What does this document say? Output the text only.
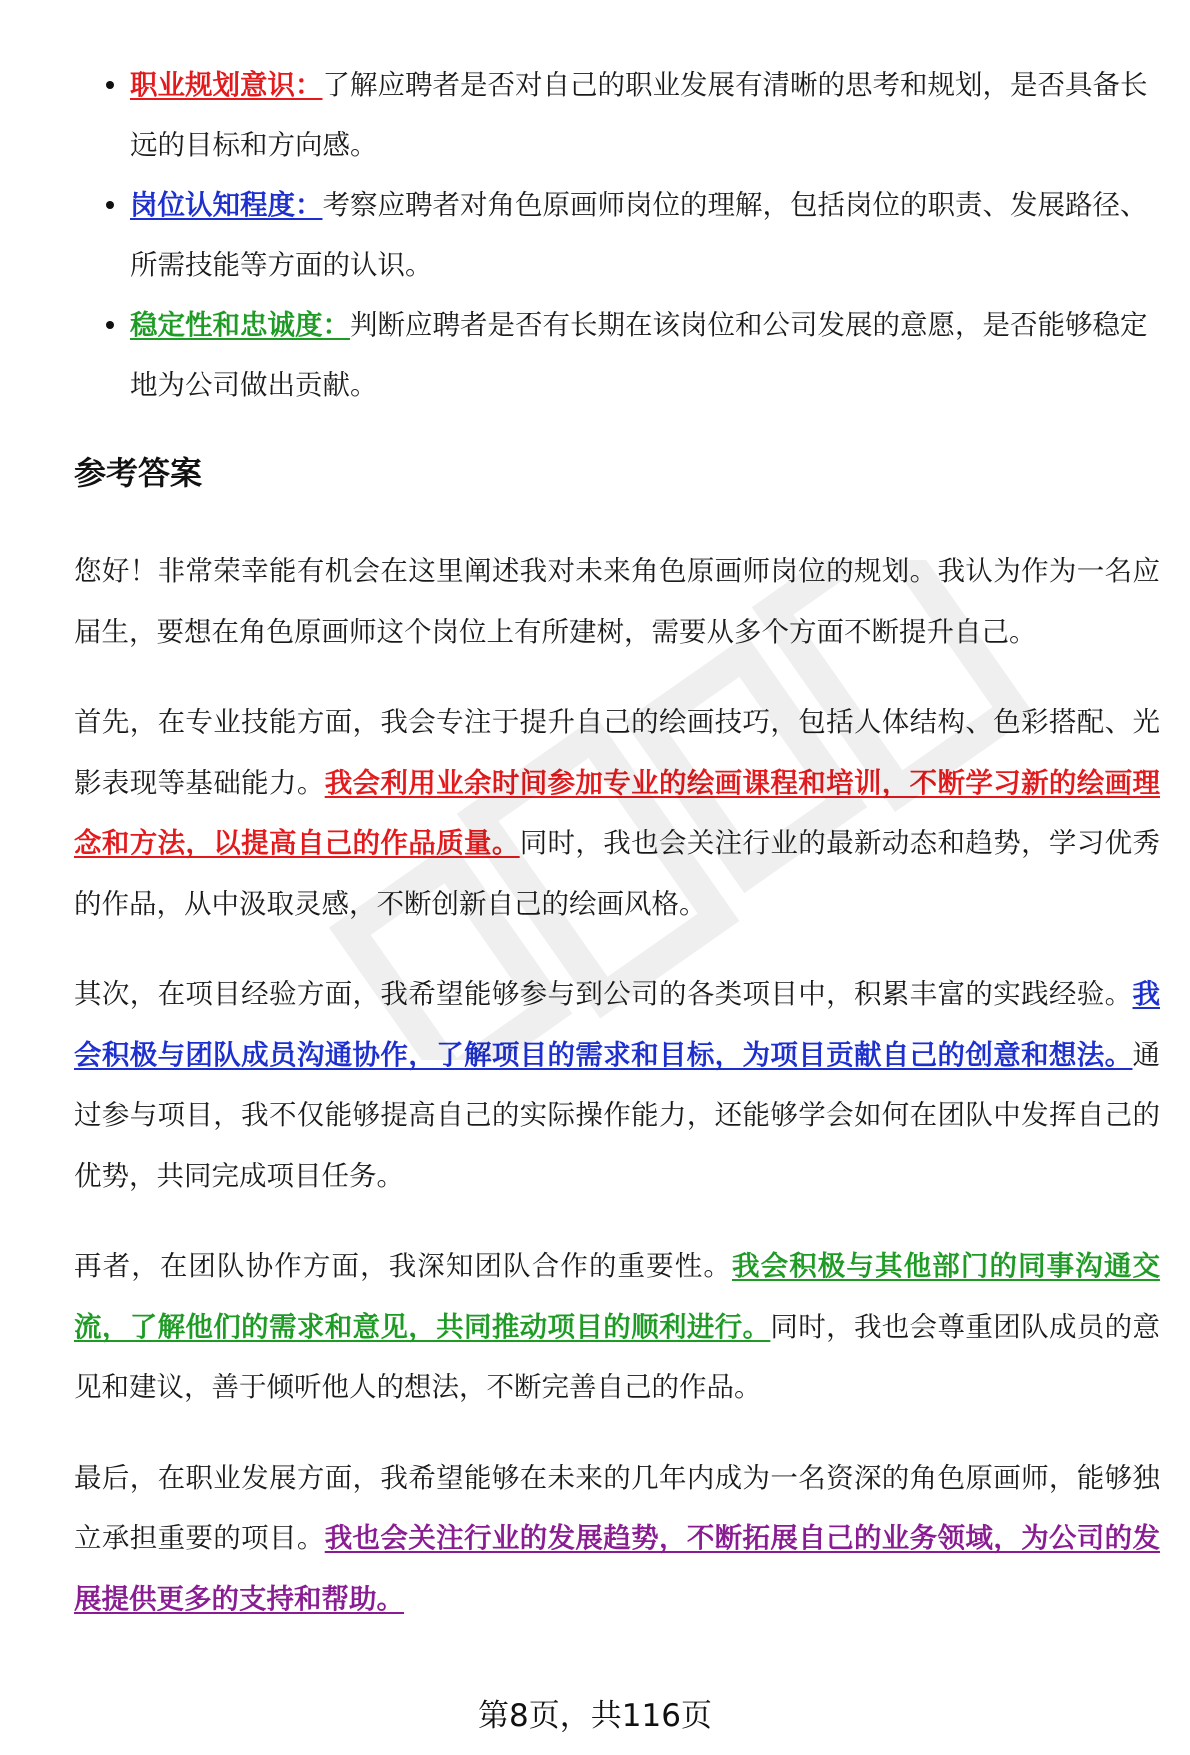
职业规划意识：了解应聘者是否对自己的职业发展有清晰的思考和规划，是否具备长远的目标和方向感。
岗位认知程度：考察应聘者对角色原画师岗位的理解，包括岗位的职责、发展路径、所需技能等方面的认识。
稳定性和忠诚度：判断应聘者是否有长期在该岗位和公司发展的意愿，是否能够稳定地为公司做出贡献。
参考答案

您好！非常荣幸能有机会在这里阐述我对未来角色原画师岗位的规划。我认为作为一名应届生，要想在角色原画师这个岗位上有所建树，需要从多个方面不断提升自己。

首先，在专业技能方面，我会专注于提升自己的绘画技巧，包括人体结构、色彩搭配、光影表现等基础能力。我会利用业余时间参加专业的绘画课程和培训，不断学习新的绘画理念和方法，以提高自己的作品质量。同时，我也会关注行业的最新动态和趋势，学习优秀的作品，从中汲取灵感，不断创新自己的绘画风格。

其次，在项目经验方面，我希望能够参与到公司的各类项目中，积累丰富的实践经验。我会积极与团队成员沟通协作，了解项目的需求和目标，为项目贡献自己的创意和想法。通过参与项目，我不仅能够提高自己的实际操作能力，还能够学会如何在团队中发挥自己的优势，共同完成项目任务。

再者，在团队协作方面，我深知团队合作的重要性。我会积极与其他部门的同事沟通交流，了解他们的需求和意见，共同推动项目的顺利进行。同时，我也会尊重团队成员的意见和建议，善于倾听他人的想法，不断完善自己的作品。

最后，在职业发展方面，我希望能够在未来的几年内成为一名资深的角色原画师，能够独立承担重要的项目。我也会关注行业的发展趋势，不断拓展自己的业务领域，为公司的发展提供更多的支持和帮助。

第8页，共116页
